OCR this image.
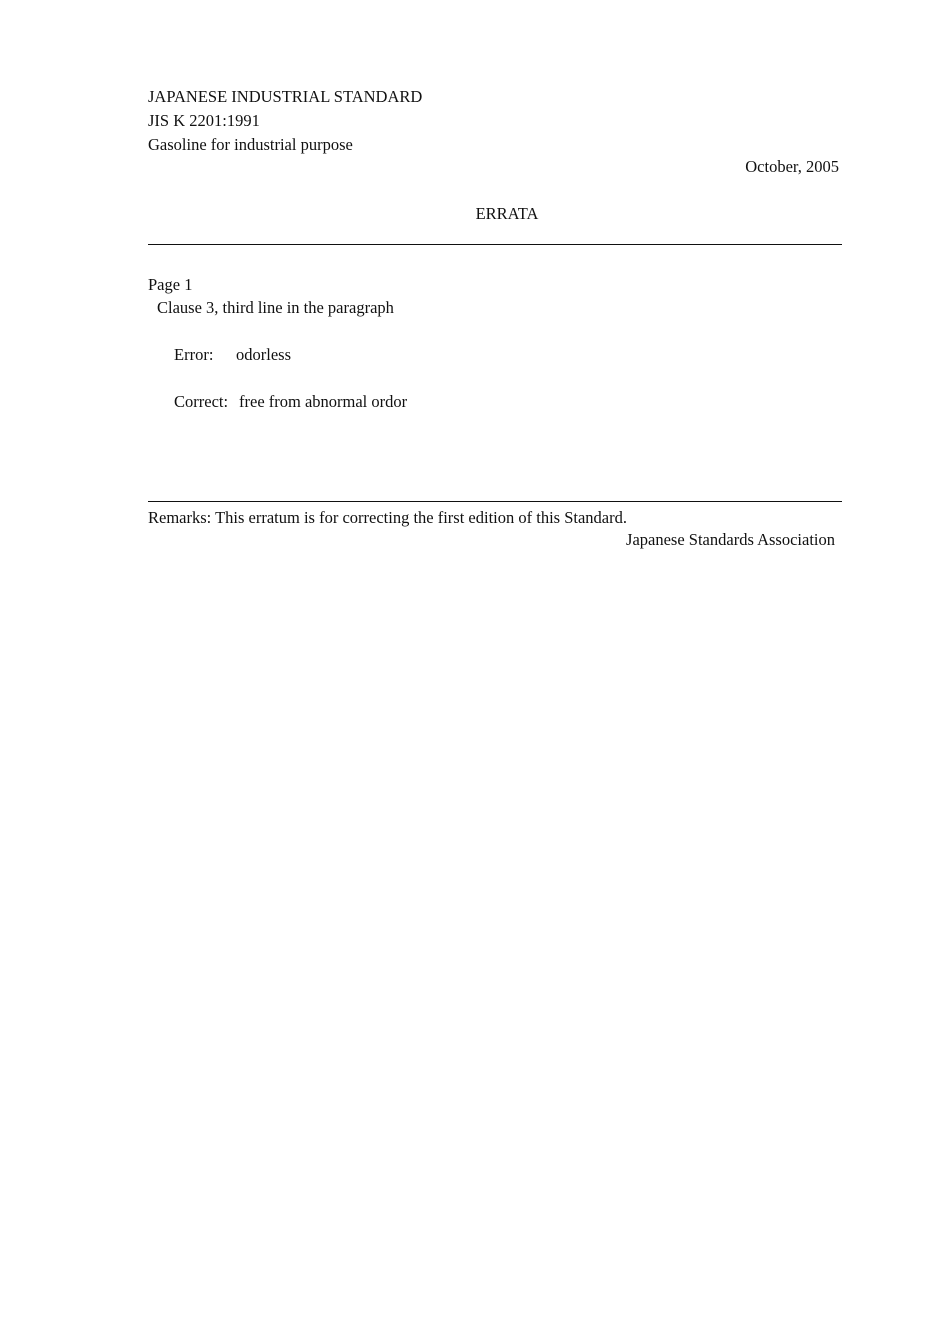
JAPANESE INDUSTRIAL STANDARD
JIS K 2201:1991
Gasoline for industrial purpose
October, 2005
ERRATA
Page 1
Clause 3, third line in the paragraph
Error: odorless
Correct: free from abnormal ordor
Remarks: This erratum is for correcting the first edition of this Standard.
Japanese Standards Association
